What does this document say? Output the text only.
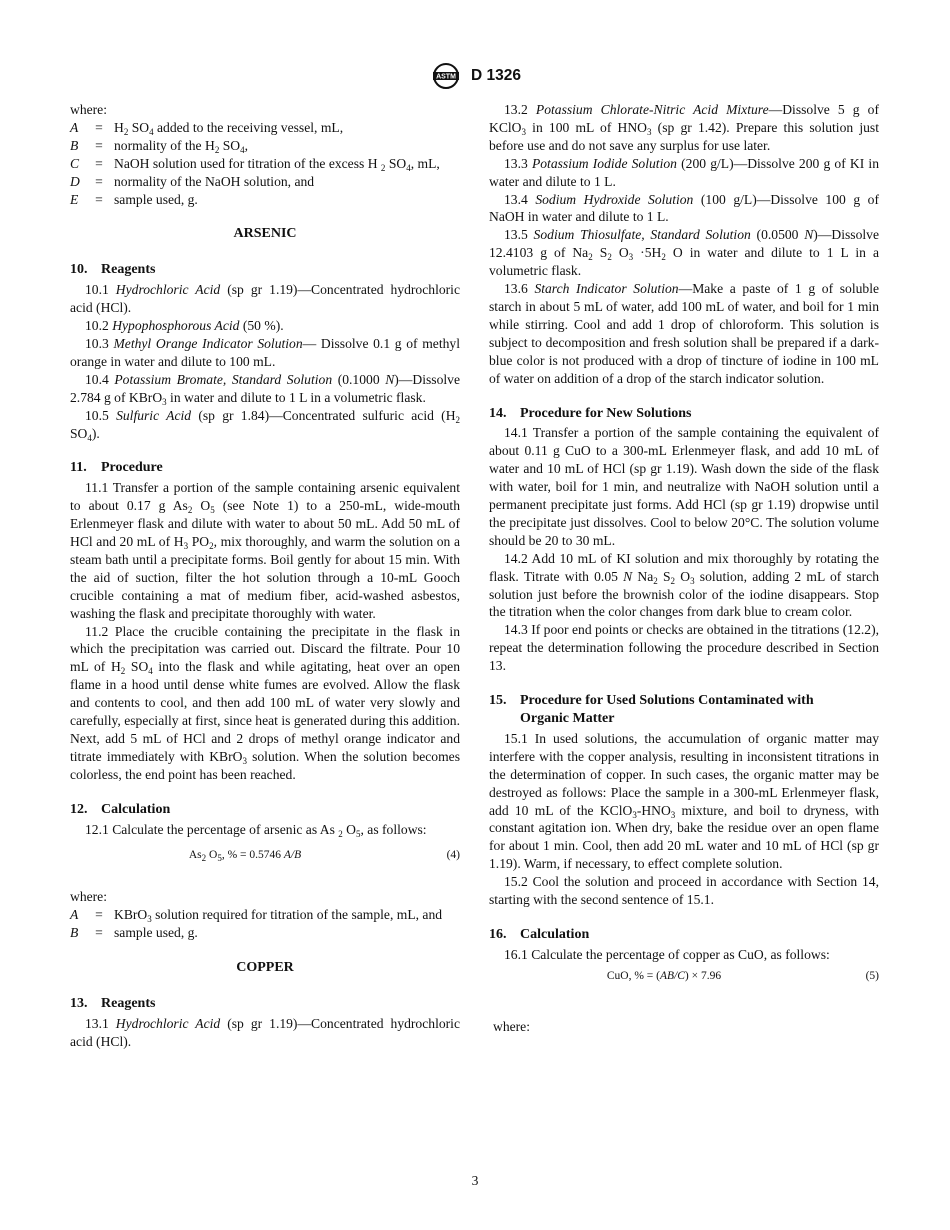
ASTM D 1326

where:

A	= $H_2$ $SO_4$ added to the receiving vessel, mL,
B	= normality of the $H_2$ $SO_4$,
C	= NaOH solution used for titration of the excess H $_2$ $SO_4$, mL,
D	= normality of the NaOH solution, and
E	= sample used, g.
ARSENIC
10. Reagents

10.1 Hydrochloric Acid (sp gr 1.19)—Concentrated hydrochloric acid (HCl).

10.2 Hypophosphorous Acid (50 %).

10.3 Methyl Orange Indicator Solution— Dissolve 0.1 g of methyl orange in water and dilute to 100 mL.

10.4 Potassium Bromate, Standard Solution (0.1000 N)—Dissolve 2.784 g of KBrO$_3$ in water and dilute to 1 L in a volumetric flask.

10.5 Sulfuric Acid (sp gr 1.84)—Concentrated sulfuric acid ($H_2$ $SO_4$).

11.	Procedure

11.1 Transfer a portion of the sample containing arsenic equivalent to about 0.17 g $As_2$ $O_5$ (see Note 1) to a 250-mL, wide-mouth Erlenmeyer flask and dilute with water to about 50 mL. Add 50 mL of HCl and 20 mL of $H_3$ $PO_2$, mix thoroughly, and warm the solution on a steam bath until a precipitate forms. Boil gently for about 15 min. With the aid of suction, filter the hot solution through a 10-mL Gooch crucible containing a mat of medium fiber, acid-washed asbestos, washing the flask and precipitate thoroughly with water.

11.2 Place the crucible containing the precipitate in the flask in which the precipitation was carried out. Discard the filtrate. Pour 10 mL of $H_2$ $SO_4$ into the flask and while agitating, heat over an open flame in a hood until dense white fumes are evolved. Allow the flask and contents to cool, and then add 100 mL of water very slowly and carefully, especially at first, since heat is generated during this addition. Next, add 5 mL of HCl and 2 drops of methyl orange indicator and titrate immediately with KBrO$_3$ solution. When the solution becomes colorless, the end point has been reached.

12. Calculation

12.1 Calculate the percentage of arsenic as As $_2$ $O_5$, as follows:

$As_2$ $O_5$, % = 0.5746 A/B	(4)

where:

A	= KBrO$_3$ solution required for titration of the sample, mL, and
B	= sample used, g.
COPPER
13. Reagents

13.1 Hydrochloric Acid (sp gr 1.19)—Concentrated hydrochloric acid (HCl).

13.2 Potassium Chlorate-Nitric Acid Mixture—Dissolve 5 g of KClO$_3$ in 100 mL of $HNO_3$ (sp gr 1.42). Prepare this solution just before use and do not save any surplus for use later.

13.3 Potassium Iodide Solution (200 g/L)—Dissolve 200 g of KI in water and dilute to 1 L.

13.4 Sodium Hydroxide Solution (100 g/L)—Dissolve 100 g of NaOH in water and dilute to 1 L.

13.5 Sodium Thiosulfate, Standard Solution (0.0500 N)—Dissolve 12.4103 g of $Na_2$ $S_2$ $O_3 \cdot 5H_2$ O in water and dilute to 1 L in a volumetric flask.

13.6 Starch Indicator Solution—Make a paste of 1 g of soluble starch in about 5 mL of water, add 100 mL of water, and boil for 1 min while stirring. Cool and add 1 drop of chloroform. This solution is subject to decomposition and fresh solution shall be prepared if a dark-blue color is not produced with a drop of tincture of iodine in 100 mL of water on addition of a drop of the starch indicator solution.

14. Procedure for New Solutions

14.1 Transfer a portion of the sample containing the equivalent of about 0.11 g CuO to a 300-mL Erlenmeyer flask, and add 10 mL of water and 10 mL of HCl (sp gr 1.19). Wash down the side of the flask with water, boil for 1 min, and neutralize with NaOH solution until a permanent precipitate just forms. Add HCl (sp gr 1.19) dropwise until the precipitate just dissolves. Cool to below 20°C. The solution volume should be 20 to 30 mL.

14.2 Add 10 mL of KI solution and mix thoroughly by rotating the flask. Titrate with 0.05 N $Na_2$ $S_2$ $O_3$ solution, adding 2 mL of starch solution just before the brownish color of the iodine disappears. Stop the titration when the color changes from dark blue to cream color.

14.3 If poor end points or checks are obtained in the titrations (12.2), repeat the determination following the procedure described in Section 13.

15. Procedure for Used Solutions Contaminated with
Organic Matter

15.1 In used solutions, the accumulation of organic matter may interfere with the copper analysis, resulting in inconsistent titrations in the determination of copper. In such cases, the organic matter may be destroyed as follows: Place the sample in a 300-mL Erlenmeyer flask, add 10 mL of the $KClO_3-HNO_3$ mixture, and boil to dryness, with constant agitation ion. When dry, bake the residue over an open flame for about 1 min. Cool, then add 20 mL water and 10 mL of HCl (sp gr 1.19). Warm, if necessary, to effect complete solution.

15.2 Cool the solution and proceed in accordance with Section 14, starting with the second sentence of 15.1.

16. Calculation

16.1 Calculate the percentage of copper as CuO, as follows:

CuO, % = (AB/C) × 7.96	(5)

where:

3
